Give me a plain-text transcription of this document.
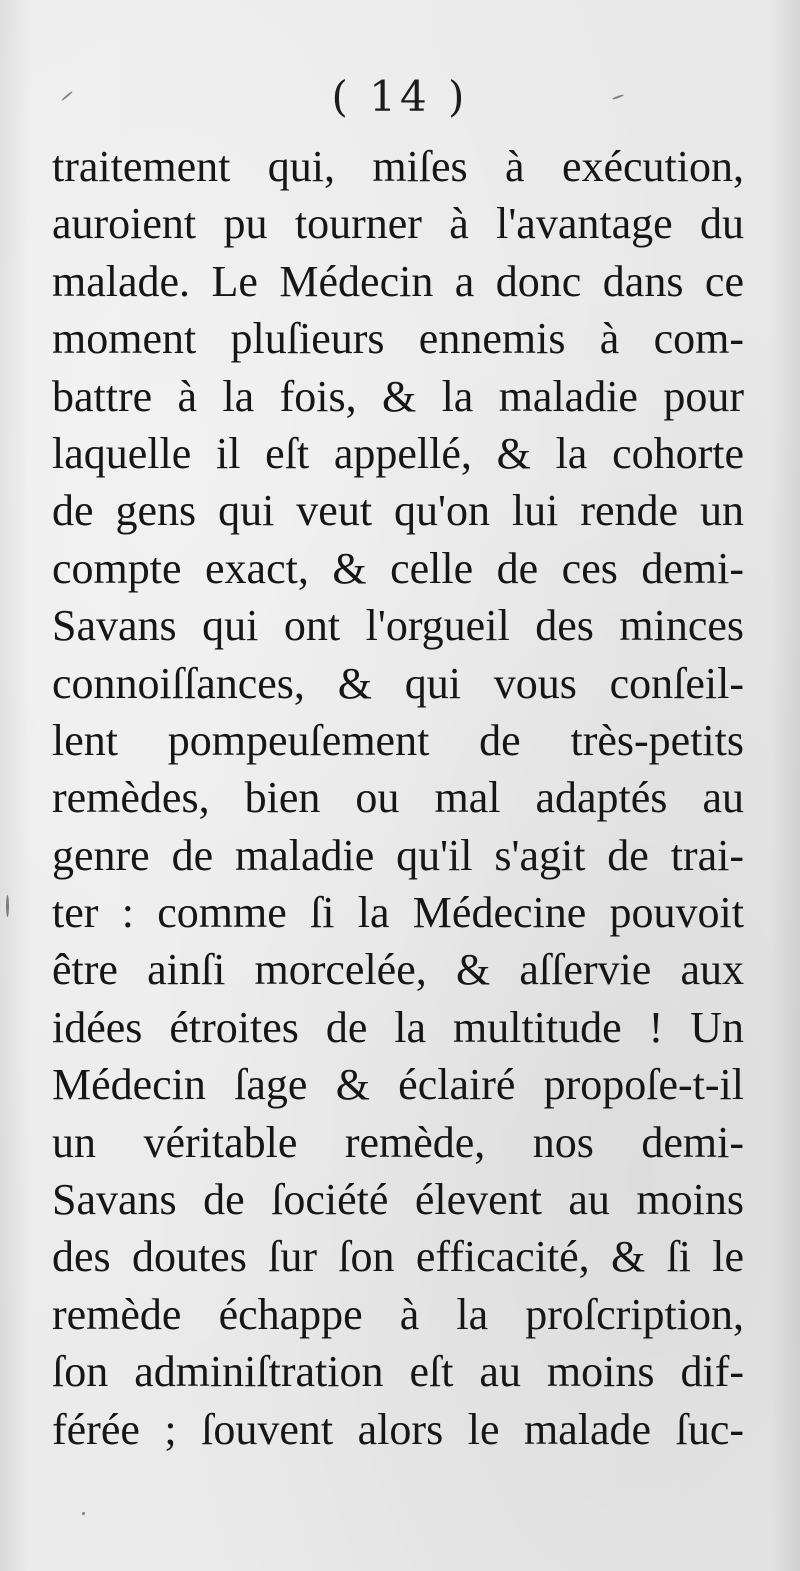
( 14 )
traitement qui, miſes à exécution,
auroient pu tourner à l'avantage du
malade. Le Médecin a donc dans ce
moment pluſieurs ennemis à com-
battre à la fois, & la maladie pour
laquelle il eſt appellé, & la cohorte
de gens qui veut qu'on lui rende un
compte exact, & celle de ces demi-
Savans qui ont l'orgueil des minces
connoiſſances, & qui vous conſeil-
lent pompeuſement de très-petits
remèdes, bien ou mal adaptés au
genre de maladie qu'il s'agit de trai-
ter : comme ſi la Médecine pouvoit
être ainſi morcelée, & aſſervie aux
idées étroites de la multitude ! Un
Médecin ſage & éclairé propoſe-t-il
un véritable remède, nos demi-
Savans de ſociété élevent au moins
des doutes ſur ſon efficacité, & ſi le
remède échappe à la proſcription,
ſon adminiſtration eſt au moins dif-
férée ; ſouvent alors le malade ſuc-
